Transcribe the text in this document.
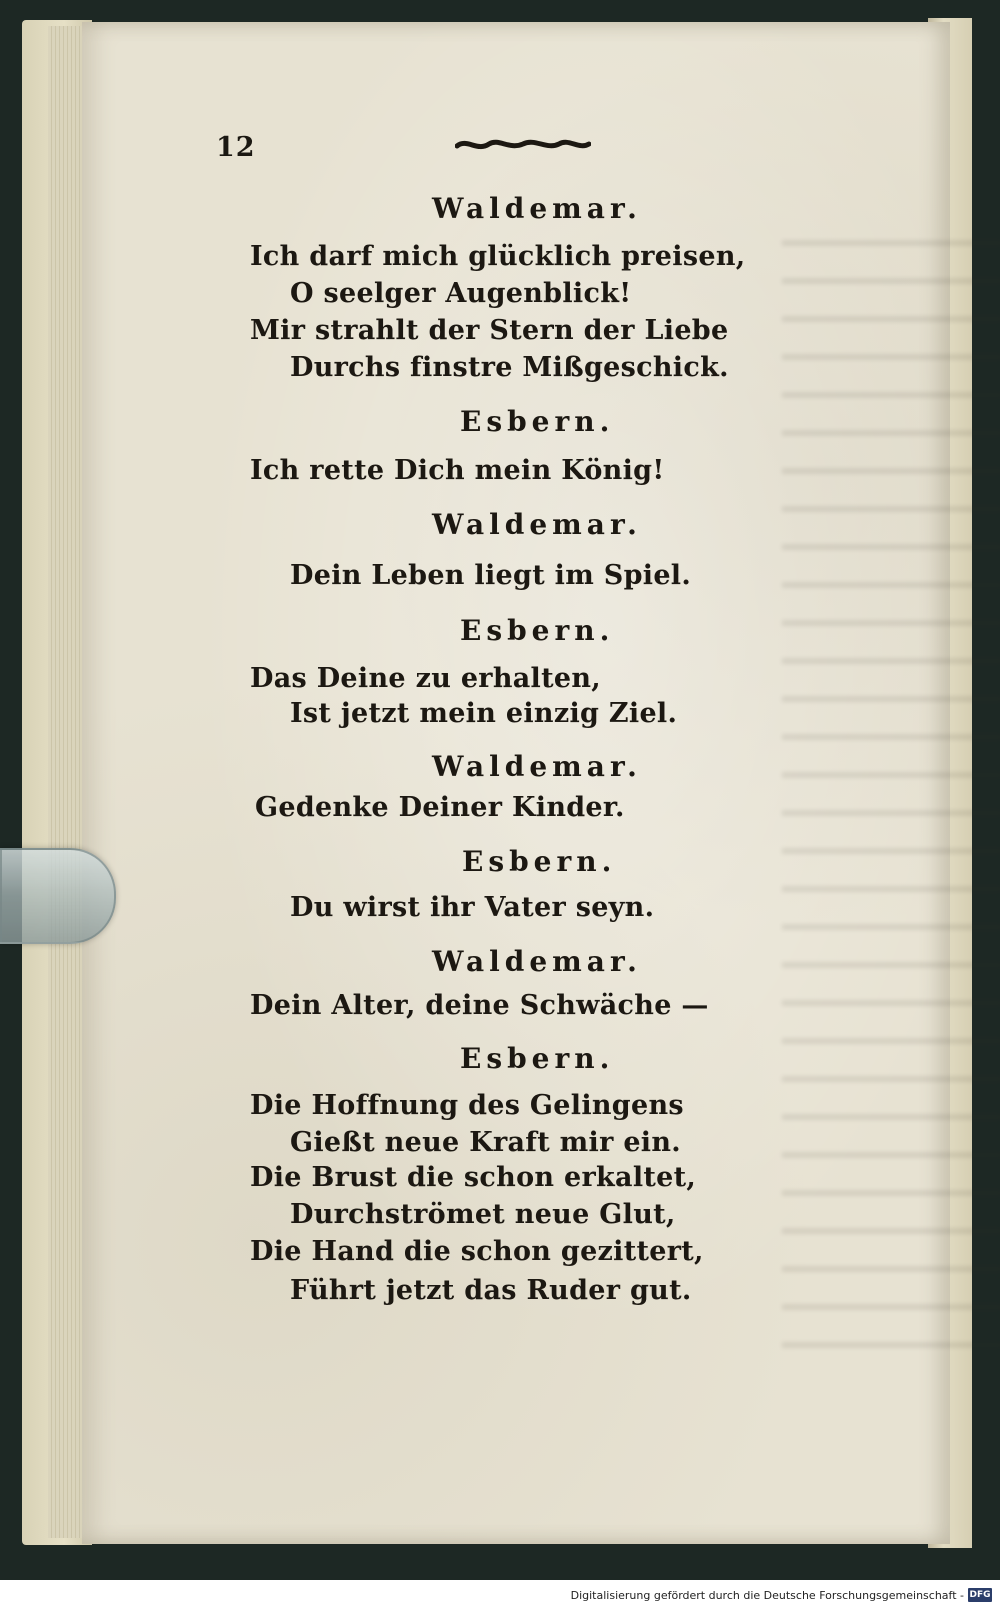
12

Waldemar.

Ich darf mich glücklich preisen,

O seelger Augenblick!

Mir strahlt der Stern der Liebe

Durchs finstre Mißgeschick.

Esbern.

Ich rette Dich mein König!

Waldemar.

Dein Leben liegt im Spiel.

Esbern.

Das Deine zu erhalten,

Ist jetzt mein einzig Ziel.

Waldemar.

Gedenke Deiner Kinder.

Esbern.

Du wirst ihr Vater seyn.

Waldemar.

Dein Alter, deine Schwäche —

Esbern.

Die Hoffnung des Gelingens

Gießt neue Kraft mir ein.

Die Brust die schon erkaltet,

Durchströmet neue Glut,

Die Hand die schon gezittert,

Führt jetzt das Ruder gut.

Digitalisierung gefördert durch die Deutsche Forschungsgemeinschaft - DFG
